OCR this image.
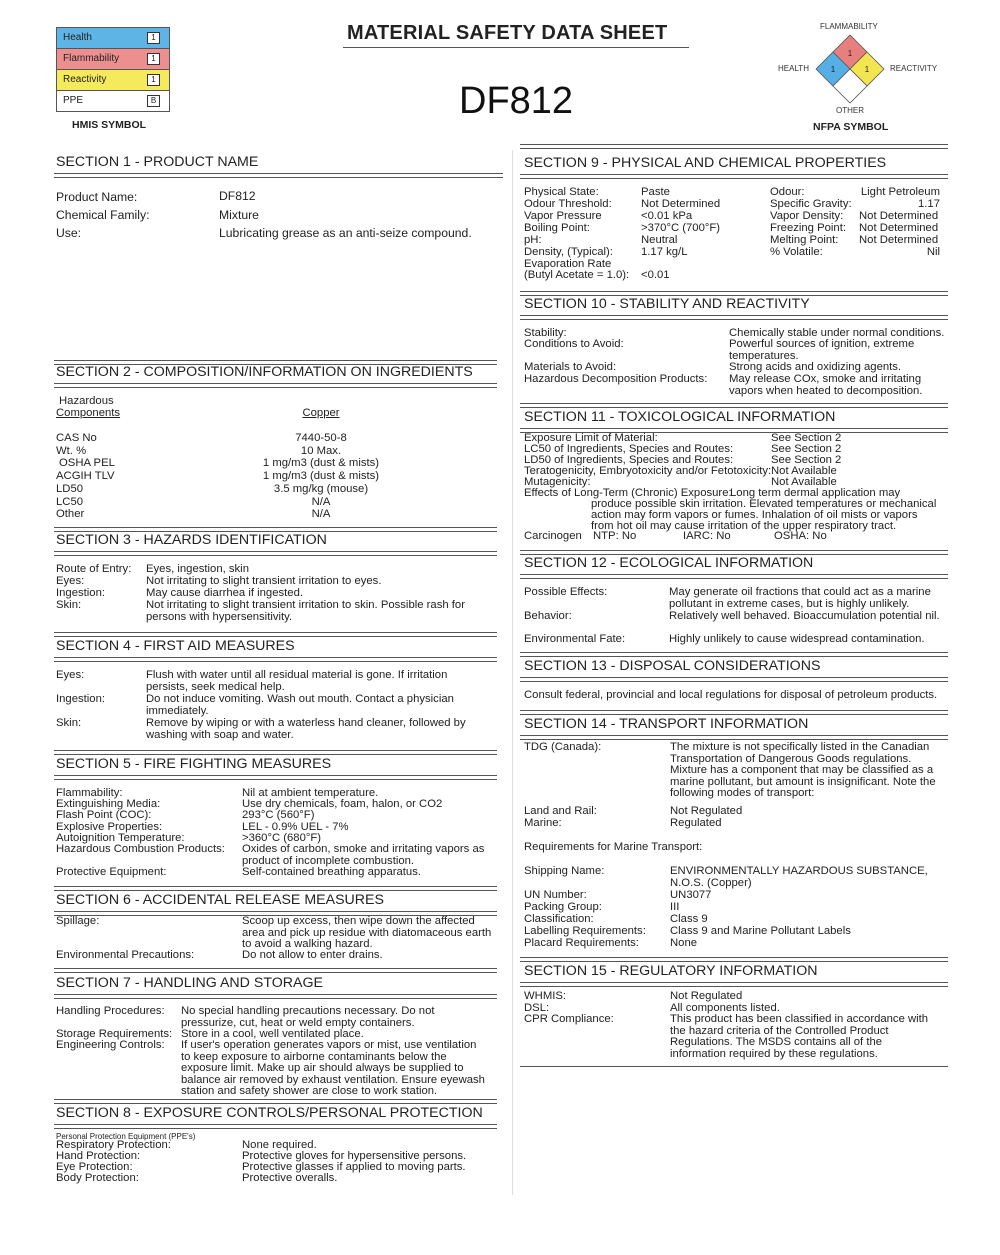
MATERIAL SAFETY DATA SHEET
DF812
Health	1
Flammability	1
Reactivity	1
PPE	B
HMIS SYMBOL
FLAMMABILITY
HEALTH	REACTIVITY
OTHER
1
1	1
NFPA SYMBOL
SECTION 1 - PRODUCT NAME
Product Name:	DF812
Chemical Family:	Mixture
Use:	Lubricating grease as an anti-seize compound.
SECTION 2 - COMPOSITION/INFORMATION ON INGREDIENTS
Hazardous
Components	Copper
CAS No	7440-50-8
Wt. %	10 Max.
OSHA PEL	1 mg/m3 (dust & mists)
ACGIH TLV	1 mg/m3 (dust & mists)
LD50	3.5 mg/kg (mouse)
LC50	N/A
Other	N/A
SECTION 3 - HAZARDS IDENTIFICATION
Route of Entry: Eyes, ingestion, skin
Eyes:	Not irritating to slight transient irritation to eyes.
Ingestion:	May cause diarrhea if ingested.
Skin:	Not irritating to slight transient irritation to skin. Possible rash for persons with hypersensitivity.
SECTION 4 - FIRST AID MEASURES
Eyes:	Flush with water until all residual material is gone. If irritation persists, seek medical help.
Ingestion:	Do not induce vomiting. Wash out mouth. Contact a physician immediately.
Skin:	Remove by wiping or with a waterless hand cleaner, followed by washing with soap and water.
SECTION 5 - FIRE FIGHTING MEASURES
Flammability:	Nil at ambient temperature.
Extinguishing Media:	Use dry chemicals, foam, halon, or CO2
Flash Point (COC):	293°C (560°F)
Explosive Properties:	LEL - 0.9% UEL - 7%
Autoignition Temperature:	>360°C (680°F)
Hazardous Combustion Products: Oxides of carbon, smoke and irritating vapors as product of incomplete combustion.
Protective Equipment:	Self-contained breathing apparatus.
SECTION 6 - ACCIDENTAL RELEASE MEASURES
Spillage:	Scoop up excess, then wipe down the affected area and pick up residue with diatomaceous earth to avoid a walking hazard.
Environmental Precautions:	Do not allow to enter drains.
SECTION 7 - HANDLING AND STORAGE
Handling Procedures: No special handling precautions necessary. Do not pressurize, cut, heat or weld empty containers.
Storage Requirements: Store in a cool, well ventilated place.
Engineering Controls: If user's operation generates vapors or mist, use ventilation to keep exposure to airborne contaminants below the exposure limit. Make up air should always be supplied to balance air removed by exhaust ventilation. Ensure eyewash station and safety shower are close to work station.
SECTION 8 - EXPOSURE CONTROLS/PERSONAL PROTECTION
Personal Protection Equipment (PPE's)
Respiratory Protection:	None required.
Hand Protection:	Protective gloves for hypersensitive persons.
Eye Protection:	Protective glasses if applied to moving parts.
Body Protection:	Protective overalls.
SECTION 9 - PHYSICAL AND CHEMICAL PROPERTIES
Physical State:	Paste
Odour Threshold:	Not Determined
Vapor Pressure	<0.01 kPa
Boiling Point:	>370°C (700°F)
pH:	Neutral
Density, (Typical): 1.17 kg/L
Evaporation Rate
(Butyl Acetate = 1.0): <0.01
Odour:	Light Petroleum
Specific Gravity:	1.17
Vapor Density: Not Determined
Freezing Point: Not Determined
Melting Point: Not Determined
% Volatile:	Nil
SECTION 10 - STABILITY AND REACTIVITY
Stability:	Chemically stable under normal conditions.
Conditions to Avoid:	Powerful sources of ignition, extreme temperatures.
Materials to Avoid:	Strong acids and oxidizing agents.
Hazardous Decomposition Products: May release COx, smoke and irritating vapors when heated to decomposition.
SECTION 11 - TOXICOLOGICAL INFORMATION
Exposure Limit of Material:	See Section 2
LC50 of Ingredients, Species and Routes:	See Section 2
LD50 of Ingredients, Species and Routes:	See Section 2
Teratogenicity, Embryotoxicity and/or Fetotoxicity: Not Available
Mutagenicity:	Not Available
Effects of Long-Term (Chronic) Exposure:
Long term dermal application may produce possible skin irritation. Elevated temperatures or mechanical action may form vapors or fumes. Inhalation of oil mists or vapors from hot oil may cause irritation of the upper respiratory tract.
Carcinogen NTP: No	IARC: No	OSHA: No
SECTION 12 - ECOLOGICAL INFORMATION
Possible Effects:	May generate oil fractions that could act as a marine pollutant in extreme cases, but is highly unlikely.
Behavior:	Relatively well behaved. Bioaccumulation potential nil.
Environmental Fate:	Highly unlikely to cause widespread contamination.
SECTION 13 - DISPOSAL CONSIDERATIONS
Consult federal, provincial and local regulations for disposal of petroleum products.
SECTION 14 - TRANSPORT INFORMATION
TDG (Canada):	The mixture is not specifically listed in the Canadian Transportation of Dangerous Goods regulations. Mixture has a component that may be classified as a marine pollutant, but amount is insignificant. Note the following modes of transport:
Land and Rail:	Not Regulated
Marine:	Regulated
Requirements for Marine Transport:
Shipping Name:	ENVIRONMENTALLY HAZARDOUS SUBSTANCE, N.O.S. (Copper)
UN Number:	UN3077
Packing Group:	III
Classification:	Class 9
Labelling Requirements: Class 9 and Marine Pollutant Labels
Placard Requirements:	None
SECTION 15 - REGULATORY INFORMATION
WHMIS:	Not Regulated
DSL:	All components listed.
CPR Compliance:	This product has been classified in accordance with the hazard criteria of the Controlled Product Regulations. The MSDS contains all of the information required by these regulations.
